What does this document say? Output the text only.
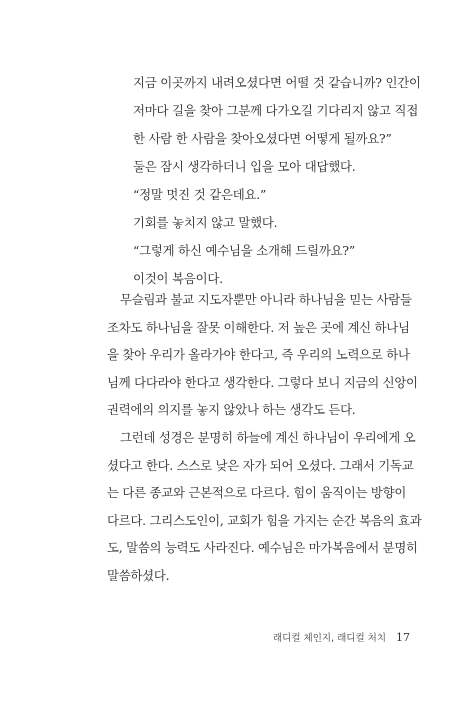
지금 이곳까지 내려오셨다면 어떨 것 같습니까? 인간이
저마다 길을 찾아 그분께 다가오길 기다리지 않고 직접
한 사람 한 사람을 찾아오셨다면 어떻게 될까요?”
둘은 잠시 생각하더니 입을 모아 대답했다.
“정말 멋진 것 같은데요.”
기회를 놓치지 않고 말했다.
“그렇게 하신 예수님을 소개해 드릴까요?”
이것이 복음이다.
무슬림과 불교 지도자뿐만 아니라 하나님을 믿는 사람들
조차도 하나님을 잘못 이해한다. 저 높은 곳에 계신 하나님
을 찾아 우리가 올라가야 한다고, 즉 우리의 노력으로 하나
님께 다다라야 한다고 생각한다. 그렇다 보니 지금의 신앙이
권력에의 의지를 놓지 않았나 하는 생각도 든다.
그런데 성경은 분명히 하늘에 계신 하나님이 우리에게 오
셨다고 한다. 스스로 낮은 자가 되어 오셨다. 그래서 기독교
는 다른 종교와 근본적으로 다르다. 힘이 움직이는 방향이
다르다. 그리스도인이, 교회가 힘을 가지는 순간 복음의 효과
도, 말씀의 능력도 사라진다. 예수님은 마가복음에서 분명히
말씀하셨다.
래디컬 체인지, 래디컬 처치 17
